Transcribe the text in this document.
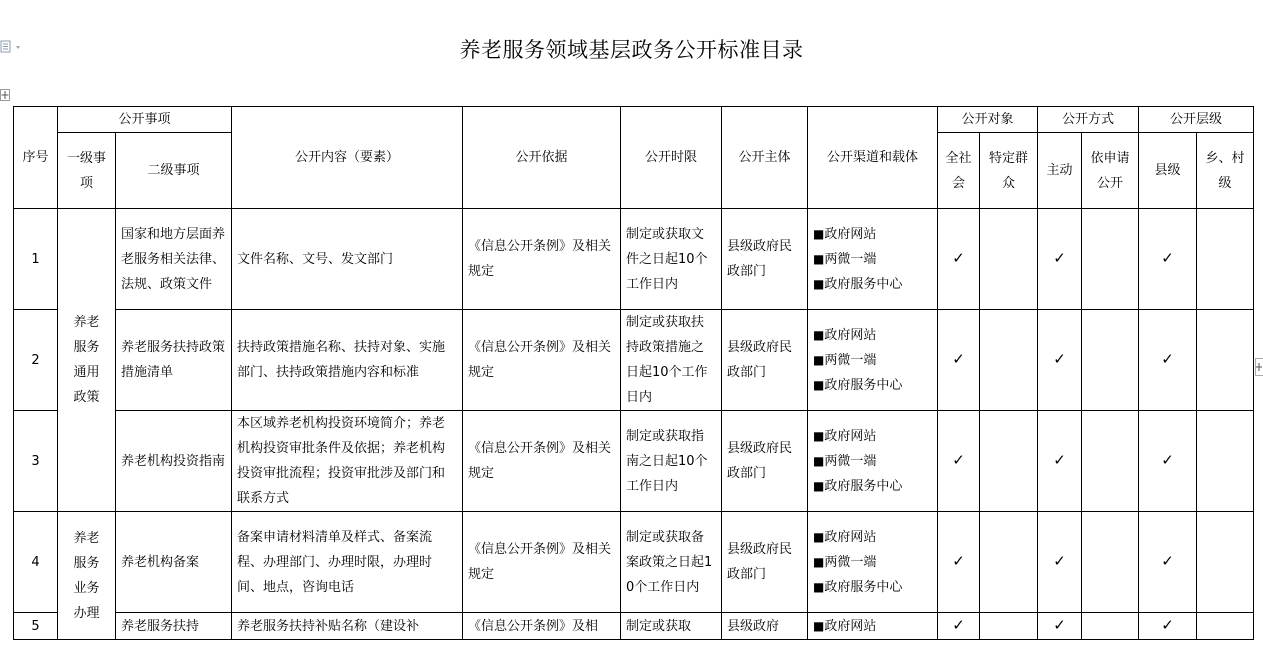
养老服务领域基层政务公开标准目录
序号	公开事项		公开内容（要素）	公开依据	公开时限	公开主体	公开渠道和载体	公开对象		公开方式		公开层级	
	一级事项	二级事项						全社会	特定群众	主动	依申请公开	县级	乡、村级
1	养老服务通用政策	国家和地方层面养老服务相关法律、法规、政策文件	文件名称、文号、发文部门	《信息公开条例》及相关规定	制定或获取文件之日起10个工作日内	县级政府民政部门	■ 政府网站
■ 两微一端
■ 政府服务中心	✓		✓		✓	
2		养老服务扶持政策措施清单	扶持政策措施名称、扶持对象、实施部门、扶持政策措施内容和标准	《信息公开条例》及相关规定	制定或获取扶持政策措施之日起10个工作日内	县级政府民政部门	■ 政府网站
■ 两微一端
■ 政府服务中心	✓		✓		✓	
3		养老机构投资指南	本区域养老机构投资环境简介；养老机构投资审批条件及依据；养老机构投资审批流程；投资审批涉及部门和联系方式	《信息公开条例》及相关规定	制定或获取指南之日起10个工作日内	县级政府民政部门	■ 政府网站
■ 两微一端
■ 政府服务中心	✓		✓		✓	
4	养老服务业务办理	养老机构备案	备案申请材料清单及样式、备案流程、办理部门、办理时限，办理时间、地点，咨询电话	《信息公开条例》及相关规定	制定或获取备案政策之日起10个工作日内	县级政府民政部门	■ 政府网站
■ 两微一端
■ 政府服务中心	✓		✓		✓	
5		养老服务扶持	养老服务扶持补贴名称（建设补	《信息公开条例》及相	制定或获取	县级政府	■ 政府网站	✓		✓		✓	
